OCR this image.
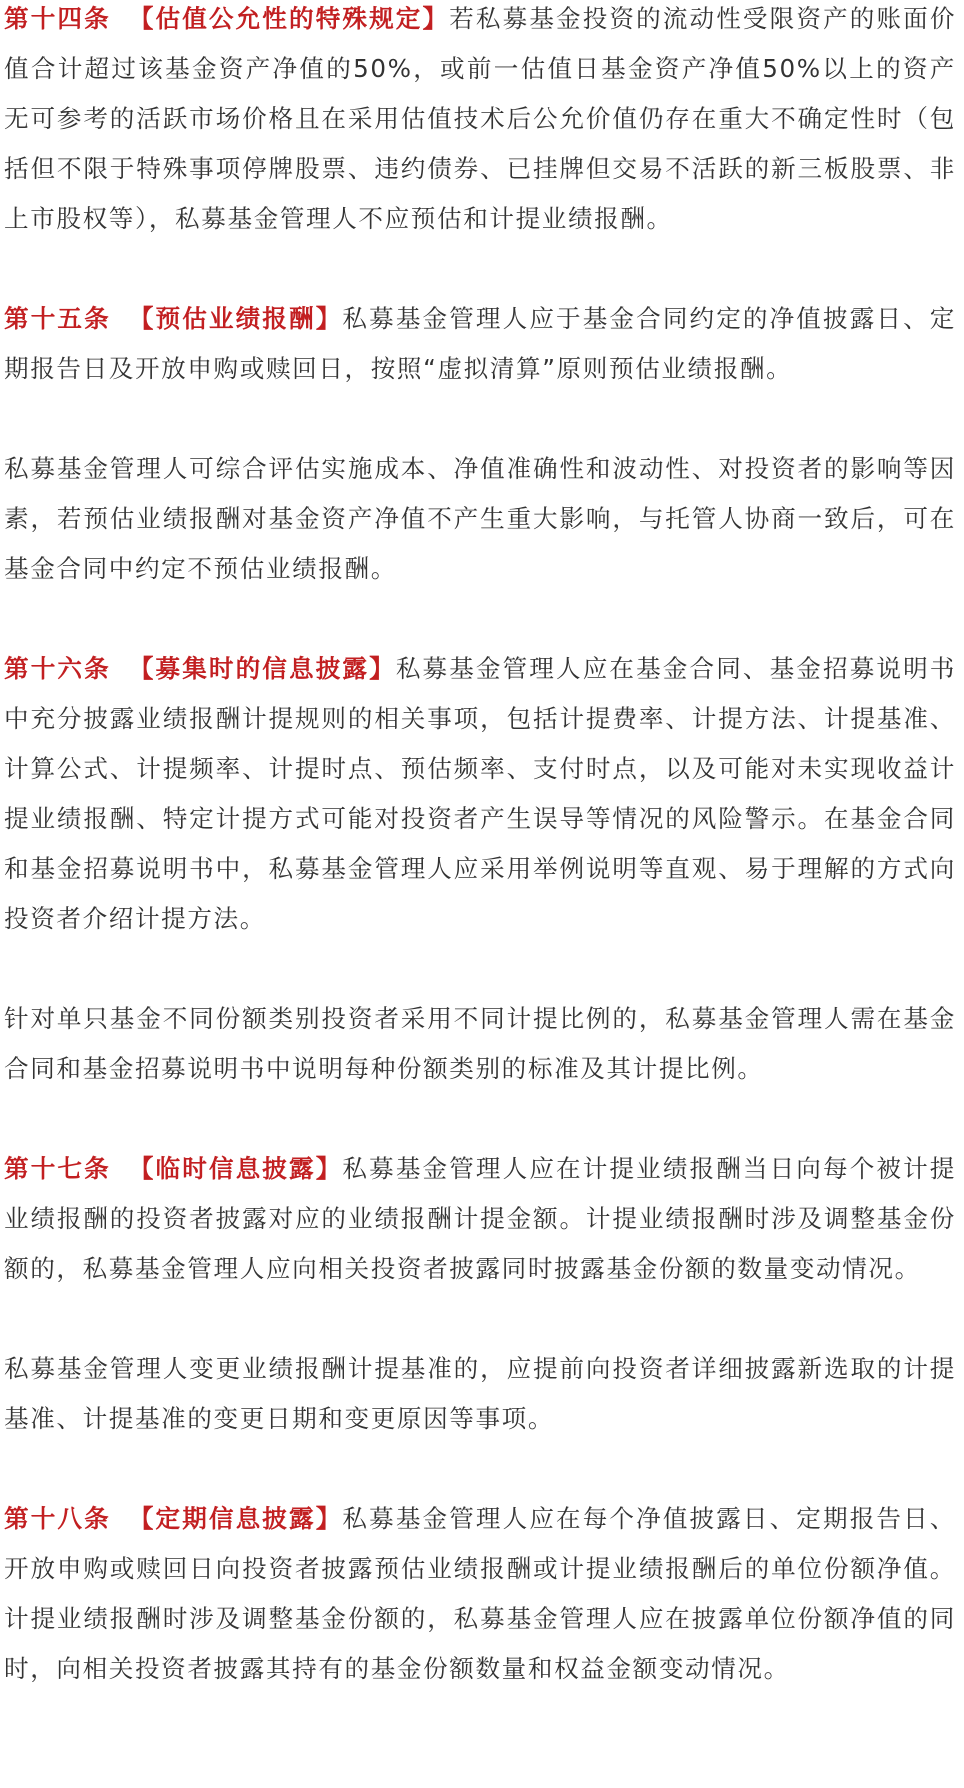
第十四条 【估值公允性的特殊规定】若私募基金投资的流动性受限资产的账面价值合计超过该基金资产净值的50%，或前一估值日基金资产净值50%以上的资产无可参考的活跃市场价格且在采用估值技术后公允价值仍存在重大不确定性时（包括但不限于特殊事项停牌股票、违约债券、已挂牌但交易不活跃的新三板股票、非上市股权等），私募基金管理人不应预估和计提业绩报酬。

第十五条 【预估业绩报酬】私募基金管理人应于基金合同约定的净值披露日、定期报告日及开放申购或赎回日，按照“虚拟清算”原则预估业绩报酬。

私募基金管理人可综合评估实施成本、净值准确性和波动性、对投资者的影响等因素，若预估业绩报酬对基金资产净值不产生重大影响，与托管人协商一致后，可在基金合同中约定不预估业绩报酬。

第十六条 【募集时的信息披露】私募基金管理人应在基金合同、基金招募说明书中充分披露业绩报酬计提规则的相关事项，包括计提费率、计提方法、计提基准、计算公式、计提频率、计提时点、预估频率、支付时点，以及可能对未实现收益计提业绩报酬、特定计提方式可能对投资者产生误导等情况的风险警示。在基金合同和基金招募说明书中，私募基金管理人应采用举例说明等直观、易于理解的方式向投资者介绍计提方法。

针对单只基金不同份额类别投资者采用不同计提比例的，私募基金管理人需在基金合同和基金招募说明书中说明每种份额类别的标准及其计提比例。

第十七条 【临时信息披露】私募基金管理人应在计提业绩报酬当日向每个被计提业绩报酬的投资者披露对应的业绩报酬计提金额。计提业绩报酬时涉及调整基金份额的，私募基金管理人应向相关投资者披露同时披露基金份额的数量变动情况。

私募基金管理人变更业绩报酬计提基准的，应提前向投资者详细披露新选取的计提基准、计提基准的变更日期和变更原因等事项。

第十八条 【定期信息披露】私募基金管理人应在每个净值披露日、定期报告日、开放申购或赎回日向投资者披露预估业绩报酬或计提业绩报酬后的单位份额净值。计提业绩报酬时涉及调整基金份额的，私募基金管理人应在披露单位份额净值的同时，向相关投资者披露其持有的基金份额数量和权益金额变动情况。
